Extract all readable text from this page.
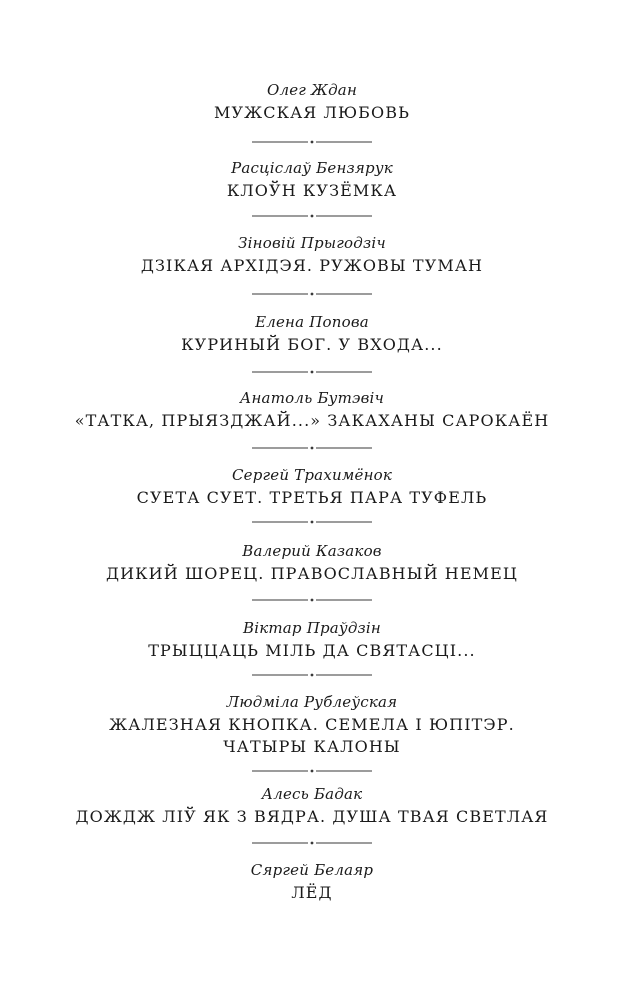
Олег Ждан
МУЖСКАЯ ЛЮБОВЬ
Расціслаў Бензярук
КЛОЎН КУЗЁМКА
Зіновій Прыгодзіч
ДЗІКАЯ АРХІДЭЯ. РУЖОВЫ ТУМАН
Елена Попова
КУРИНЫЙ БОГ. У ВХОДА...
Анатоль Бутэвіч
«ТАТКА, ПРЫЯЗДЖАЙ...» ЗАКАХАНЫ САРОКАЁН
Сергей Трахимёнок
СУЕТА СУЕТ. ТРЕТЬЯ ПАРА ТУФЕЛЬ
Валерий Казаков
ДИКИЙ ШОРЕЦ. ПРАВОСЛАВНЫЙ НЕМЕЦ
Віктар Праўдзін
ТРЫЦЦАЦЬ МІЛЬ ДА СВЯТАСЦІ...
Людміла Рублеўская
ЖАЛЕЗНАЯ КНОПКА. СЕМЕЛА І ЮПІТЭР.
ЧАТЫРЫ КАЛОНЫ
Алесь Бадак
ДОЖДЖ ЛІЎ ЯК З ВЯДРА. ДУША ТВАЯ СВЕТЛАЯ
Сяргей Белаяр
ЛЁД
